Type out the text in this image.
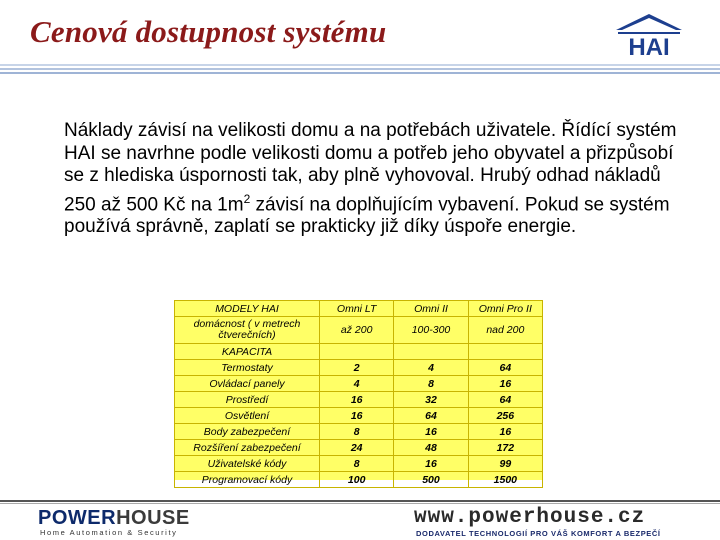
Cenová dostupnost systému	HAI
Náklady závisí na velikosti domu a na potřebách uživatele. Řídící systém HAI se navrhne podle velikosti domu a potřeb jeho obyvatel a přizpůsobí se z hlediska úspornosti tak, aby plně vyhovoval. Hrubý odhad nákladů 250 až 500 Kč na $1m^2$ závisí na doplňujícím vybavení. Pokud se systém používá správně, zaplatí se prakticky již díky úspoře energie.
MODELY HAI	Omni LT	Omni II	Omni Pro II
domácnost ( v metrech čtverečních)	až 200	100-300	nad 200
KAPACITA			
Termostaty	2	4	64
Ovládací panely	4	8	16
Prostředí	16	32	64
Osvětlení	16	64	256
Body zabezpečení	8	16	16
Rozšíření zabezpečení	24	48	172
Uživatelské kódy	8	16	99
Programovací kódy	100	500	1500
POWERHOUSE
Home Automation & Security
www.powerhouse.cz
DODAVATEL TECHNOLOGIÍ PRO VÁŠ KOMFORT A BEZPEČÍ
